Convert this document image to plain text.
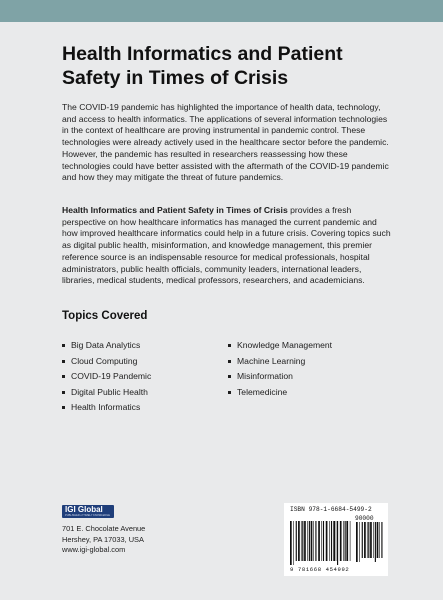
Health Informatics and Patient Safety in Times of Crisis

The COVID-19 pandemic has highlighted the importance of health data, technology, and access to health informatics. The applications of several information technologies in the context of healthcare are proving instrumental in pandemic control. These technologies were already actively used in the healthcare sector before the pandemic. However, the pandemic has resulted in researchers reassessing how these technologies could have better assisted with the aftermath of the COVID-19 pandemic and how they may mitigate the threat of future pandemics.

Health Informatics and Patient Safety in Times of Crisis provides a fresh perspective on how healthcare informatics has managed the current pandemic and how improved healthcare informatics could help in a future crisis. Covering topics such as digital public health, misinformation, and knowledge management, this premier reference source is an indispensable resource for medical professionals, hospital administrators, public health officials, community leaders, international leaders, libraries, medical students, medical professors, researchers, and academicians.

Topics Covered
Big Data Analytics
Cloud Computing
COVID-19 Pandemic
Digital Public Health
Health Informatics
Knowledge Management
Machine Learning
Misinformation
Telemedicine
IGI Global
PUBLISHER of TIMELY KNOWLEDGE
701 E. Chocolate Avenue
Hershey, PA 17033, USA
www.igi-global.com
ISBN 978-1-6684-5499-2
90000
9 781668 454992
